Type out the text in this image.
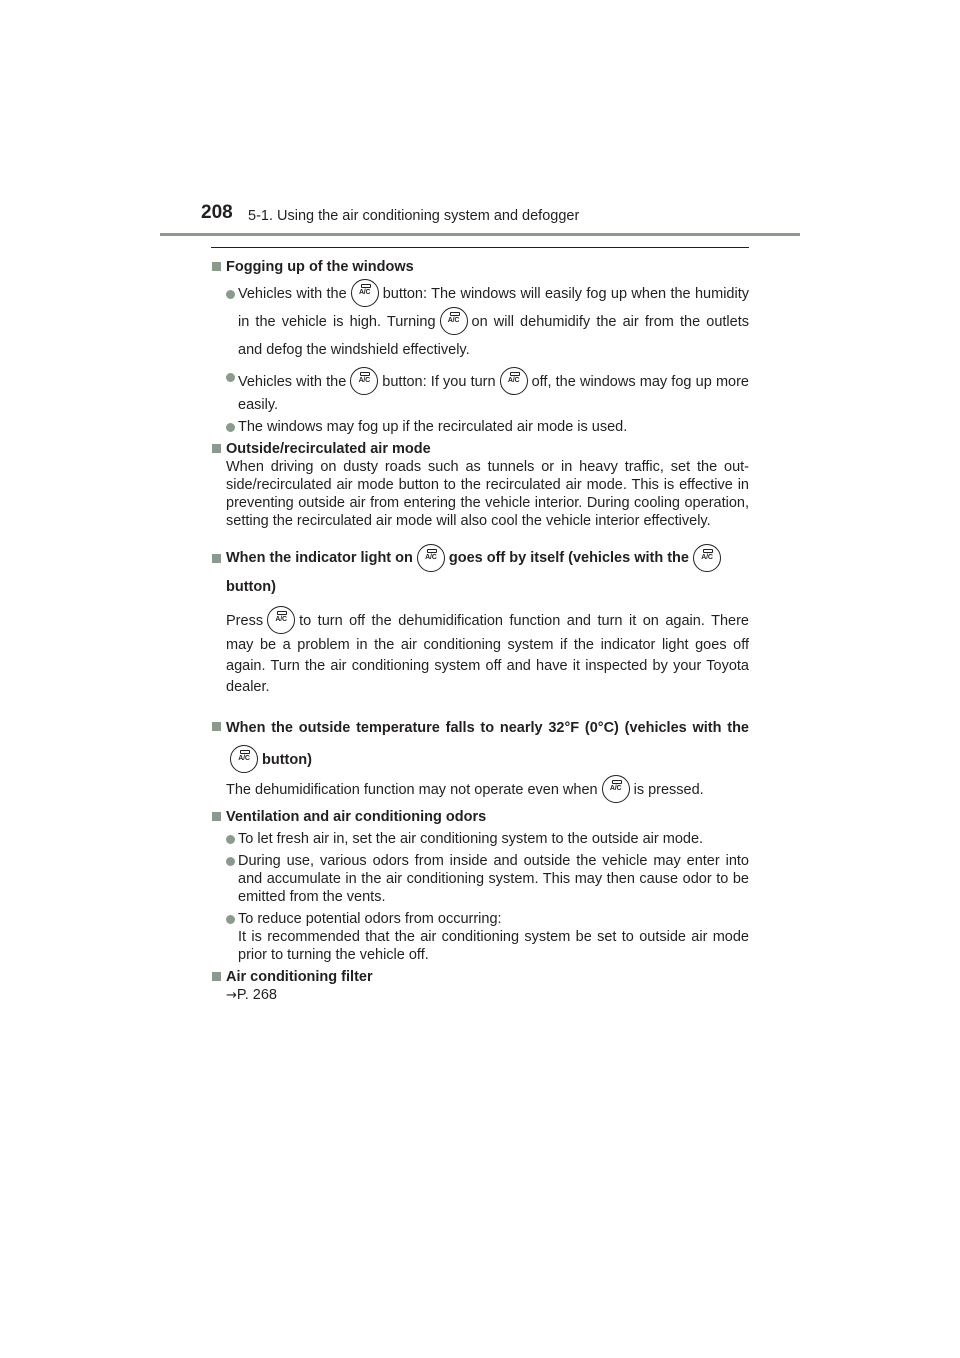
208 5-1. Using the air conditioning system and defogger
Fogging up of the windows
Vehicles with the A/C button: The windows will easily fog up when the humidity in the vehicle is high. Turning A/C on will dehumidify the air from the outlets and defog the windshield effectively.
Vehicles with the A/C button: If you turn A/C off, the windows may fog up more easily.
The windows may fog up if the recirculated air mode is used.
Outside/recirculated air mode
When driving on dusty roads such as tunnels or in heavy traffic, set the out-side/recirculated air mode button to the recirculated air mode. This is effective in preventing outside air from entering the vehicle interior. During cooling operation, setting the recirculated air mode will also cool the vehicle interior effectively.
When the indicator light on A/C goes off by itself (vehicles with theA/C
button)
Press A/C to turn off the dehumidification function and turn it on again. There may be a problem in the air conditioning system if the indicator light goes off again. Turn the air conditioning system off and have it inspected by your Toyota dealer.
When the outside temperature falls to nearly 32°F (0°C) (vehicles with theA/Cbutton)
The dehumidification function may not operate even when A/C is pressed.
Ventilation and air conditioning odors
To let fresh air in, set the air conditioning system to the outside air mode.
During use, various odors from inside and outside the vehicle may enter into and accumulate in the air conditioning system. This may then cause odor to be emitted from the vents.
To reduce potential odors from occurring:
It is recommended that the air conditioning system be set to outside air mode prior to turning the vehicle off.
Air conditioning filter
→P. 268
